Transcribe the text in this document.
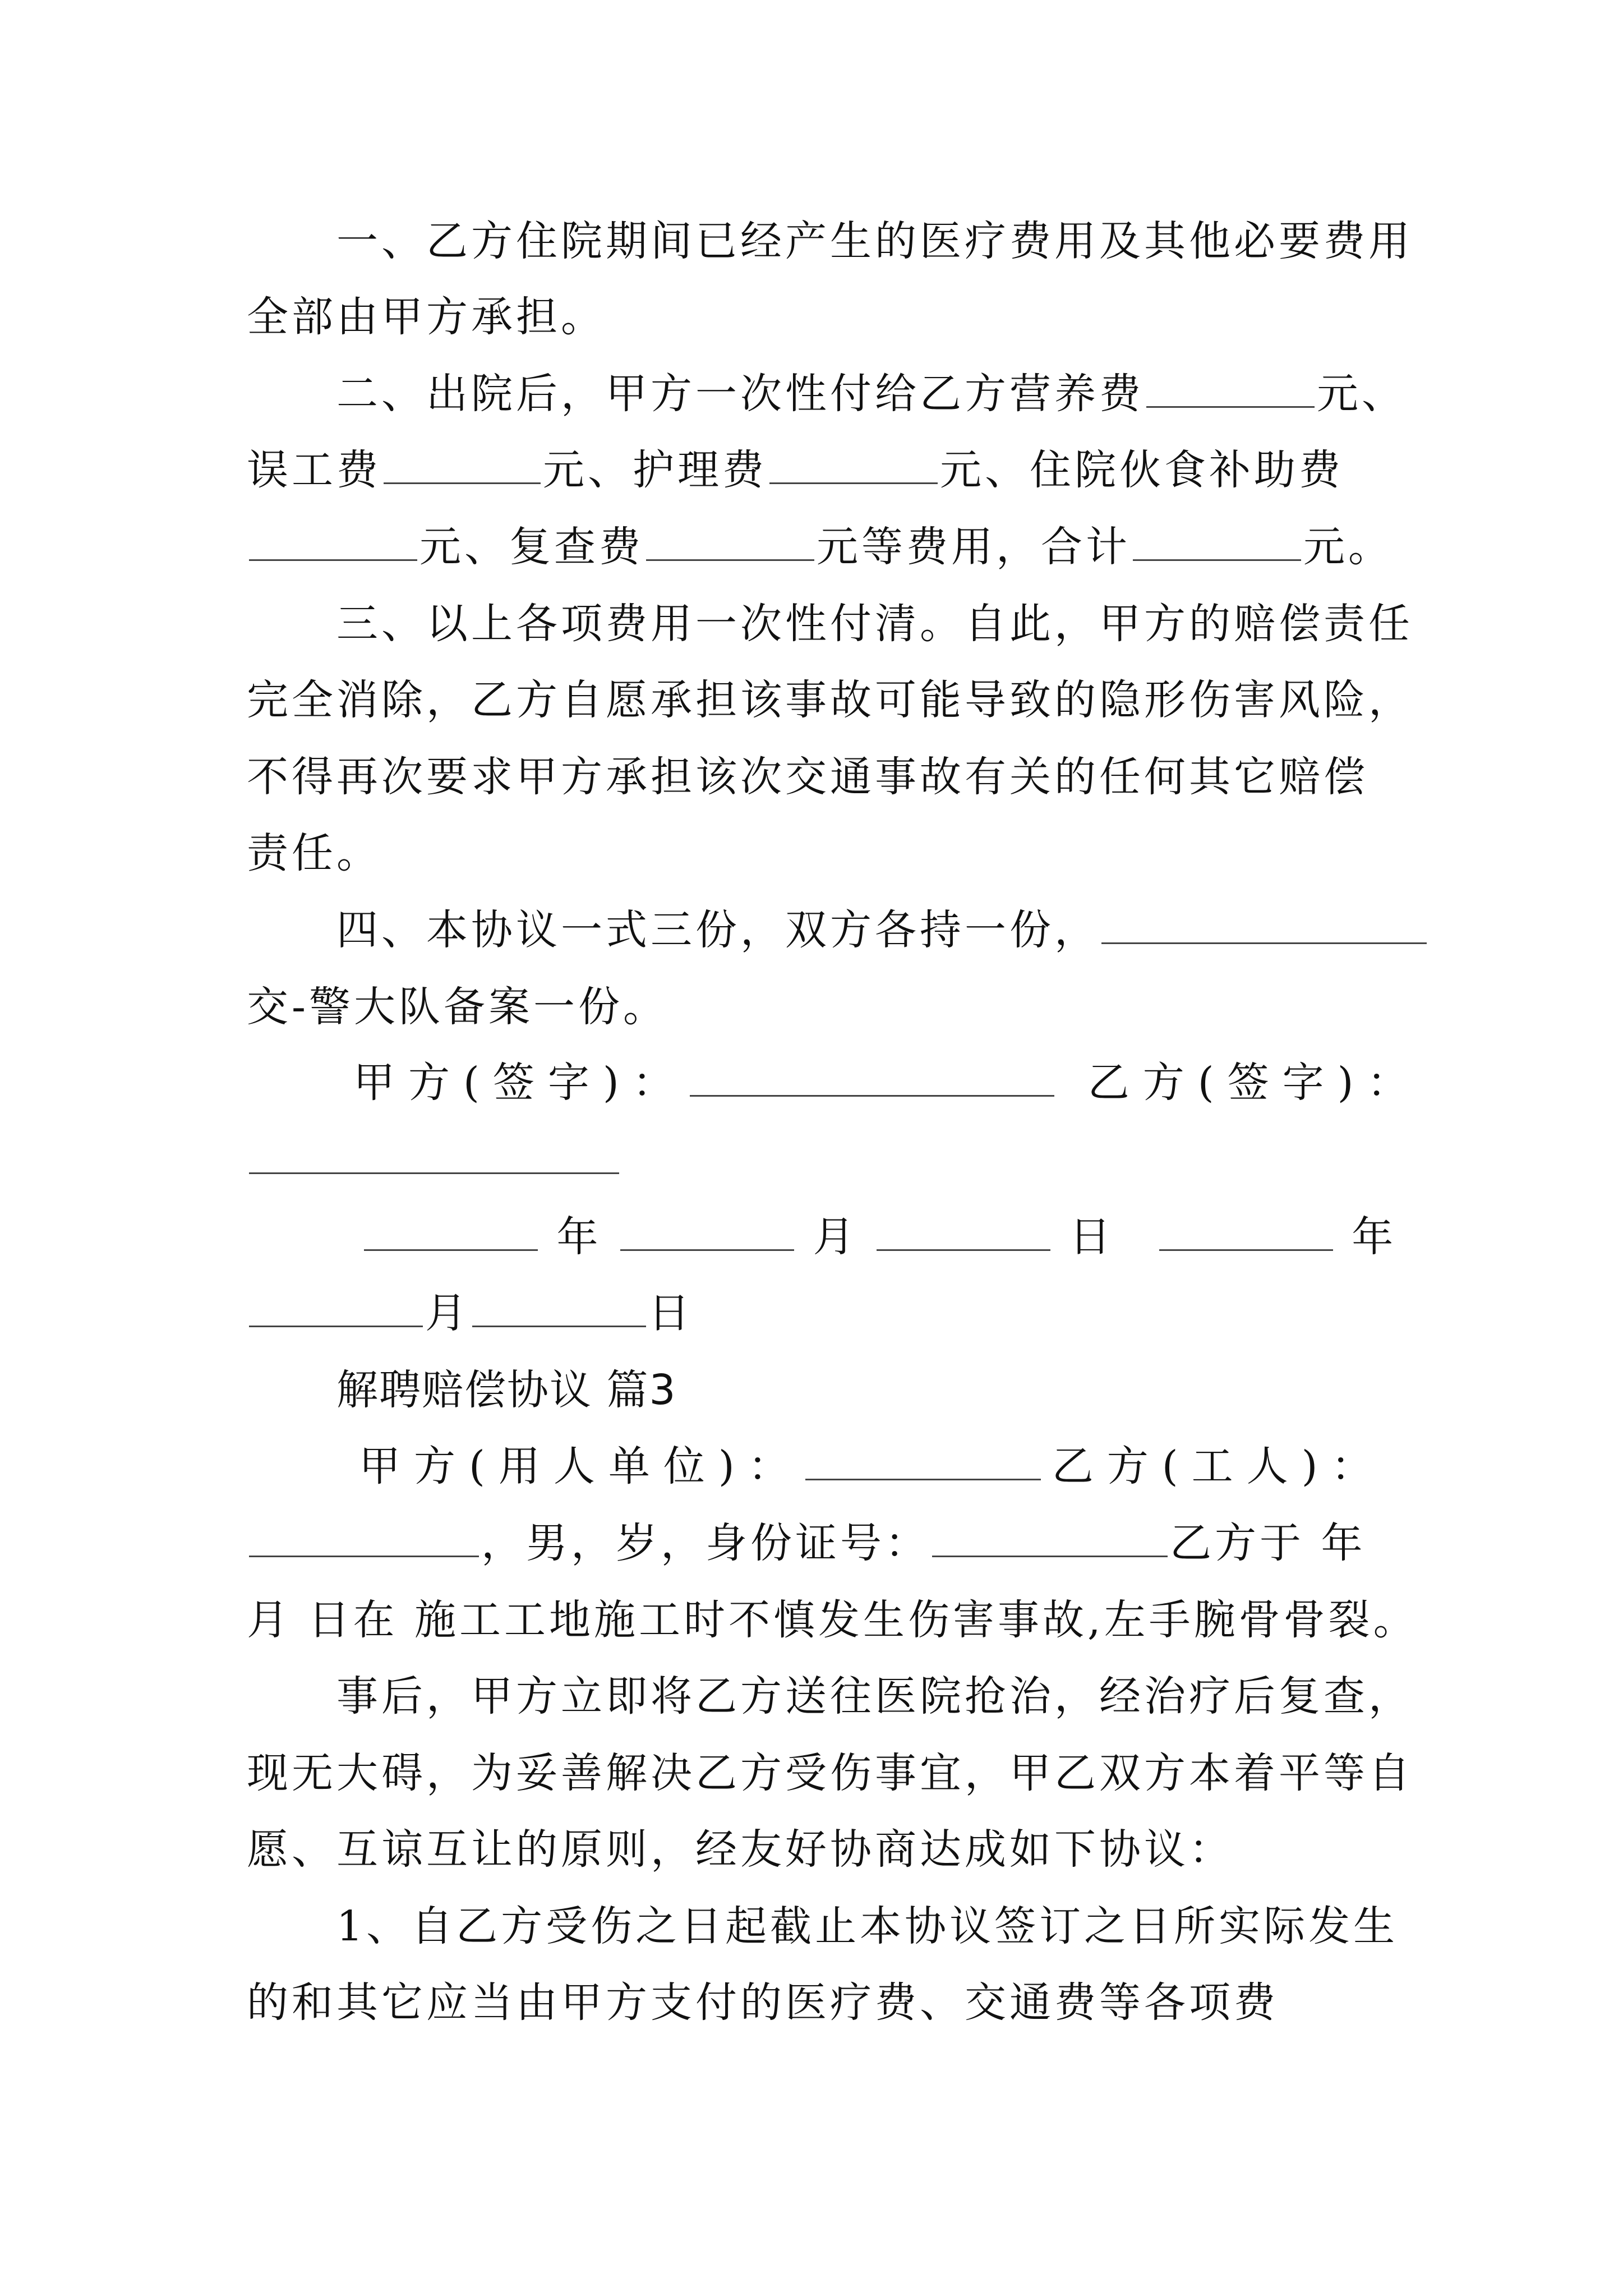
一、乙方住院期间已经产生的医疗费用及其他必要费用
全部由甲方承担。
二、出院后，甲方一次性付给乙方营养费	元、
误工费	元、护理费	元、住院伙食补助费
元、复查费	元等费用，合计	元。
三、以上各项费用一次性付清。自此，甲方的赔偿责任
完全消除，乙方自愿承担该事故可能导致的隐形伤害风险，
不得再次要求甲方承担该次交通事故有关的任何其它赔偿
责任。
四、本协议一式三份，双方各持一份，
交-警大队备案一份。
甲方(签字)：	乙方(签字)：
年	月	日	年
月	日
解聘赔偿协议 篇3
甲方(用人单位)：	乙方(工人)：
，男，岁，身份证号：	乙方于 年
月 日在 施工工地施工时不慎发生伤害事故,左手腕骨骨裂。
事后，甲方立即将乙方送往医院抢治，经治疗后复查，
现无大碍，为妥善解决乙方受伤事宜，甲乙双方本着平等自
愿、互谅互让的原则，经友好协商达成如下协议：
1、自乙方受伤之日起截止本协议签订之日所实际发生
的和其它应当由甲方支付的医疗费、交通费等各项费
